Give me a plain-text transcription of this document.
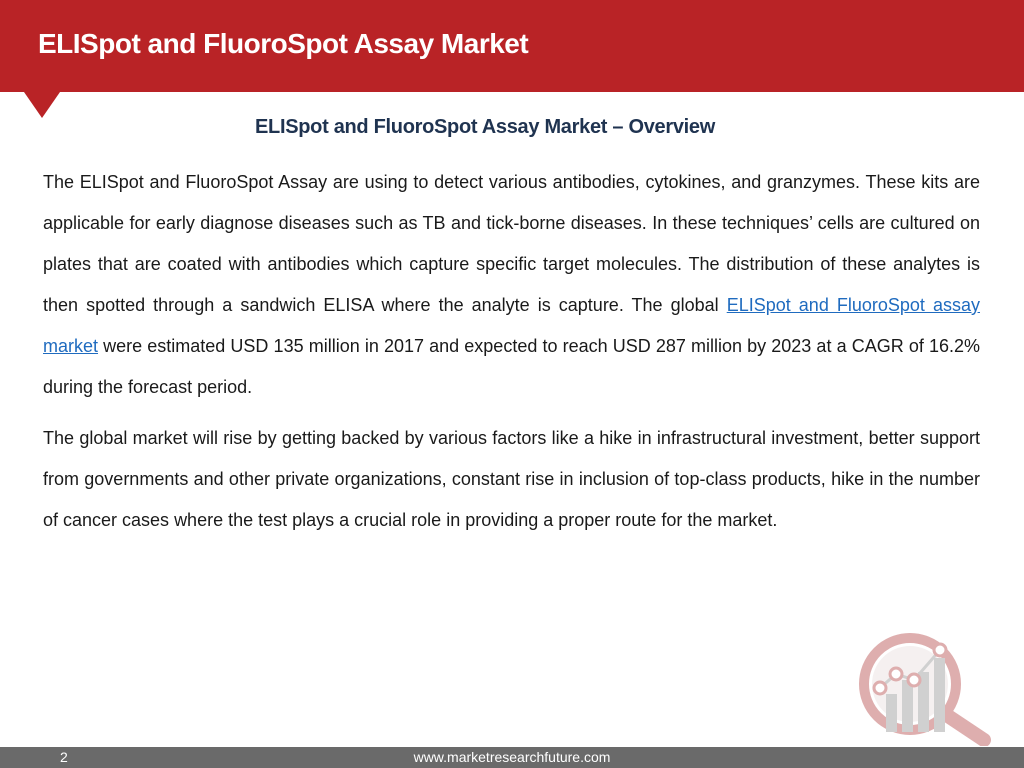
ELISpot and FluoroSpot Assay Market
ELISpot and FluoroSpot Assay Market – Overview

The ELISpot and FluoroSpot Assay are using to detect various antibodies, cytokines, and granzymes. These kits are applicable for early diagnose diseases such as TB and tick-borne diseases. In these techniques’ cells are cultured on plates that are coated with antibodies which capture specific target molecules. The distribution of these analytes is then spotted through a sandwich ELISA where the analyte is capture. The global ELISpot and FluoroSpot assay market were estimated USD 135 million in 2017 and expected to reach USD 287 million by 2023 at a CAGR of 16.2% during the forecast period.

The global market will rise by getting backed by various factors like a hike in infrastructural investment, better support from governments and other private organizations, constant rise in inclusion of top-class products, hike in the number of cancer cases where the test plays a crucial role in providing a proper route for the market.

www.marketresearchfuture.com
2
